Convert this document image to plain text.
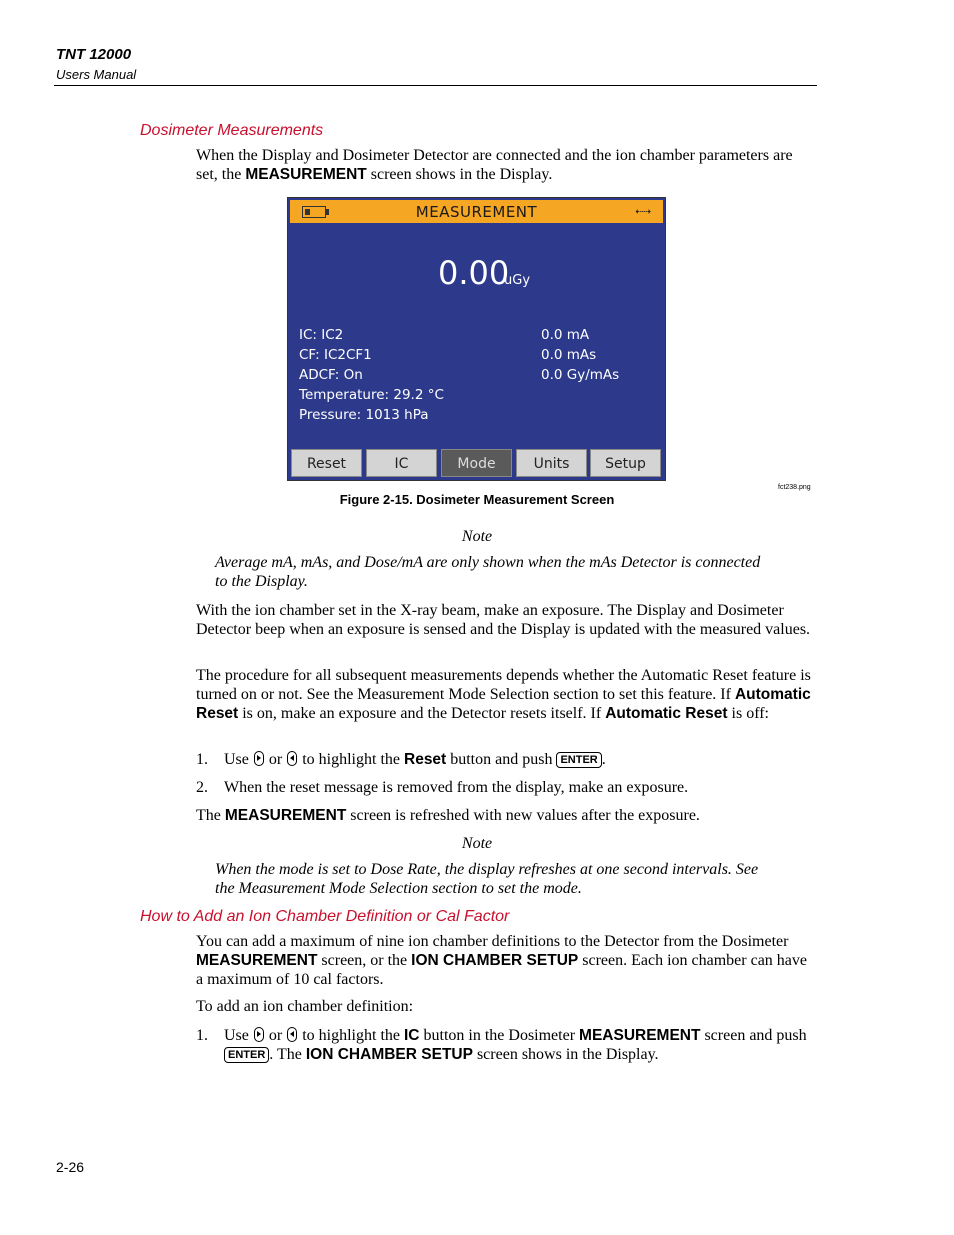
TNT 12000
Users Manual
Dosimeter Measurements
When the Display and Dosimeter Detector are connected and the ion chamber parameters are set, the MEASUREMENT screen shows in the Display.
MEASUREMENT	⇠⇢
0.00
uGy
IC: IC2
CF: IC2CF1
ADCF: On
Temperature: 29.2 °C
Pressure: 1013 hPa
0.0 mA
0.0 mAs
0.0 Gy/mAs
Reset	IC	Mode	Units	Setup
fct238.png
Figure 2-15. Dosimeter Measurement Screen
Note
Average mA, mAs, and Dose/mA are only shown when the mAs Detector is connected to the Display.
With the ion chamber set in the X-ray beam, make an exposure. The Display and Dosimeter Detector beep when an exposure is sensed and the Display is updated with the measured values.
The procedure for all subsequent measurements depends whether the Automatic Reset feature is turned on or not. See the Measurement Mode Selection section to set this feature. If Automatic Reset is on, make an exposure and the Detector resets itself. If Automatic Reset is off:
1. Use or to highlight the Reset button and push ENTER .
2. When the reset message is removed from the display, make an exposure.
The MEASUREMENT screen is refreshed with new values after the exposure.
Note
When the mode is set to Dose Rate, the display refreshes at one second intervals. See the Measurement Mode Selection section to set the mode.
How to Add an Ion Chamber Definition or Cal Factor
You can add a maximum of nine ion chamber definitions to the Detector from the Dosimeter MEASUREMENT screen, or the ION CHAMBER SETUP screen. Each ion chamber can have a maximum of 10 cal factors.
To add an ion chamber definition:
1. Use or to highlight the IC button in the Dosimeter MEASUREMENT screen and push ENTER . The ION CHAMBER SETUP screen shows in the Display.
2-26
